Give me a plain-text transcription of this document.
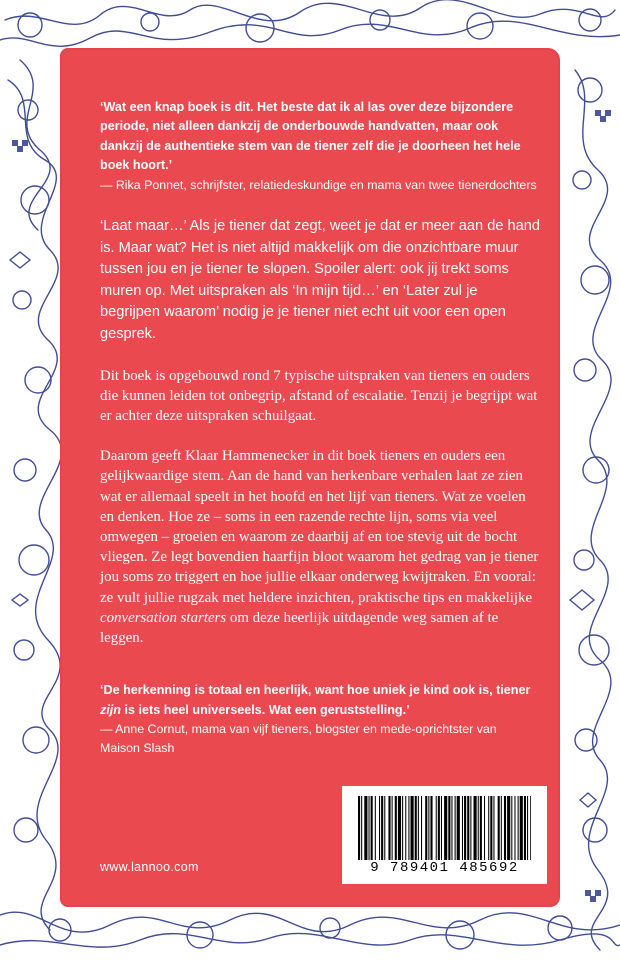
‘Wat een knap boek is dit. Het beste dat ik al las over deze bijzondere periode, niet alleen dankzij de onderbouwde handvatten, maar ook dankzij de authentieke stem van de tiener zelf die je doorheen het hele boek hoort.’

— Rika Ponnet, schrijfster, relatiedeskundige en mama van twee tienerdochters

‘Laat maar…’ Als je tiener dat zegt, weet je dat er meer aan de hand is. Maar wat? Het is niet altijd makkelijk om die onzichtbare muur tussen jou en je tiener te slopen. Spoiler alert: ook jij trekt soms muren op. Met uitspraken als ‘In mijn tijd…’ en ‘Later zul je begrijpen waarom’ nodig je je tiener niet echt uit voor een open gesprek.

Dit boek is opgebouwd rond 7 typische uitspraken van tieners en ouders die kunnen leiden tot onbegrip, afstand of escalatie. Tenzij je begrijpt wat er achter deze uitspraken schuilgaat.

Daarom geeft Klaar Hammenecker in dit boek tieners en ouders een gelijkwaardige stem. Aan de hand van herkenbare verhalen laat ze zien wat er allemaal speelt in het hoofd en het lijf van tieners. Wat ze voelen en denken. Hoe ze – soms in een razende rechte lijn, soms via veel omwegen – groeien en waarom ze daarbij af en toe stevig uit de bocht vliegen. Ze legt bovendien haarfijn bloot waarom het gedrag van je tiener jou soms zo triggert en hoe jullie elkaar onderweg kwijtraken. En vooral: ze vult jullie rugzak met heldere inzichten, praktische tips en makkelijke conversation starters om deze heerlijk uitdagende weg samen af te leggen.

‘De herkenning is totaal en heerlijk, want hoe uniek je kind ook is, tiener zijn is iets heel universeels. Wat een geruststelling.’

— Anne Cornut, mama van vijf tieners, blogster en mede-oprichtster van Maison Slash

www.lannoo.com	9 789401 485692
